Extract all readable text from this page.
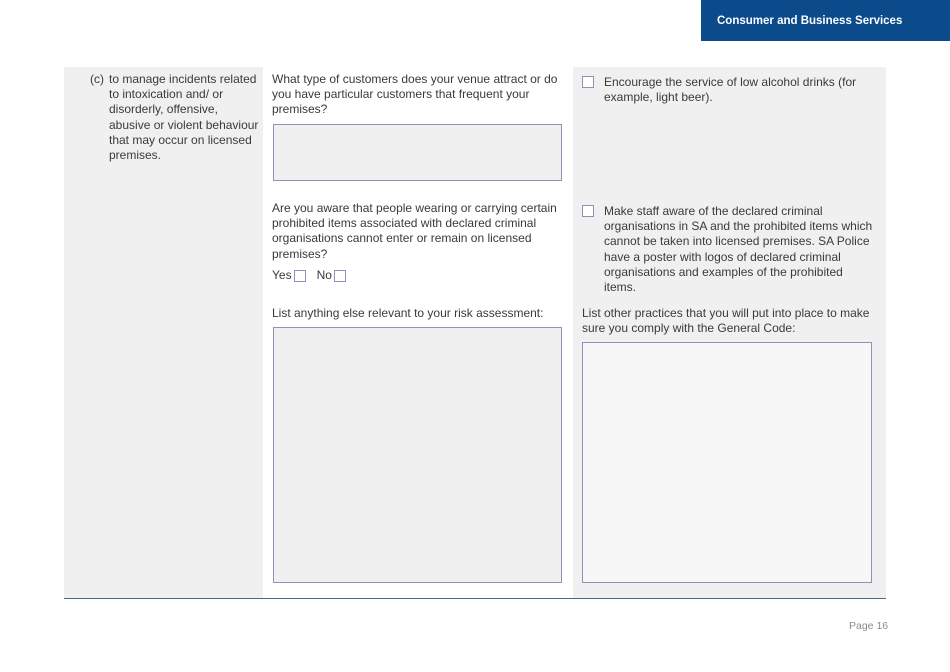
Consumer and Business Services
(c) to manage incidents related to intoxication and/ or disorderly, offensive, abusive or violent behaviour that may occur on licensed premises.
What type of customers does your venue attract or do you have particular customers that frequent your premises?
Are you aware that people wearing or carrying certain prohibited items associated with declared criminal organisations cannot enter or remain on licensed premises?
Yes No
List anything else relevant to your risk assessment:
Encourage the service of low alcohol drinks (for example, light beer).
Make staff aware of the declared criminal organisations in SA and the prohibited items which cannot be taken into licensed premises. SA Police have a poster with logos of declared criminal organisations and examples of the prohibited items.
List other practices that you will put into place to make sure you comply with the General Code:
Page 16
